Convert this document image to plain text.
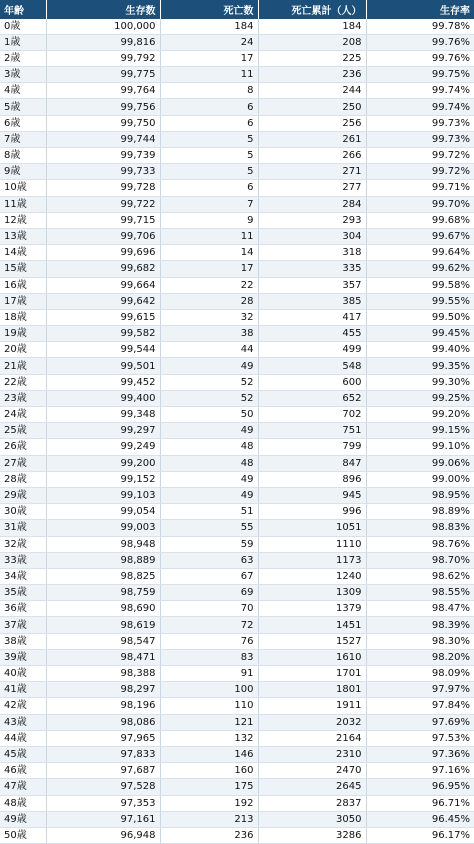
年齢	生存数	死亡数	死亡累計（人）	生存率
0歳	100,000	184	184	99.78%
1歳	99,816	24	208	99.76%
2歳	99,792	17	225	99.76%
3歳	99,775	11	236	99.75%
4歳	99,764	8	244	99.74%
5歳	99,756	6	250	99.74%
6歳	99,750	6	256	99.73%
7歳	99,744	5	261	99.73%
8歳	99,739	5	266	99.72%
9歳	99,733	5	271	99.72%
10歳	99,728	6	277	99.71%
11歳	99,722	7	284	99.70%
12歳	99,715	9	293	99.68%
13歳	99,706	11	304	99.67%
14歳	99,696	14	318	99.64%
15歳	99,682	17	335	99.62%
16歳	99,664	22	357	99.58%
17歳	99,642	28	385	99.55%
18歳	99,615	32	417	99.50%
19歳	99,582	38	455	99.45%
20歳	99,544	44	499	99.40%
21歳	99,501	49	548	99.35%
22歳	99,452	52	600	99.30%
23歳	99,400	52	652	99.25%
24歳	99,348	50	702	99.20%
25歳	99,297	49	751	99.15%
26歳	99,249	48	799	99.10%
27歳	99,200	48	847	99.06%
28歳	99,152	49	896	99.00%
29歳	99,103	49	945	98.95%
30歳	99,054	51	996	98.89%
31歳	99,003	55	1051	98.83%
32歳	98,948	59	1110	98.76%
33歳	98,889	63	1173	98.70%
34歳	98,825	67	1240	98.62%
35歳	98,759	69	1309	98.55%
36歳	98,690	70	1379	98.47%
37歳	98,619	72	1451	98.39%
38歳	98,547	76	1527	98.30%
39歳	98,471	83	1610	98.20%
40歳	98,388	91	1701	98.09%
41歳	98,297	100	1801	97.97%
42歳	98,196	110	1911	97.84%
43歳	98,086	121	2032	97.69%
44歳	97,965	132	2164	97.53%
45歳	97,833	146	2310	97.36%
46歳	97,687	160	2470	97.16%
47歳	97,528	175	2645	96.95%
48歳	97,353	192	2837	96.71%
49歳	97,161	213	3050	96.45%
50歳	96,948	236	3286	96.17%
